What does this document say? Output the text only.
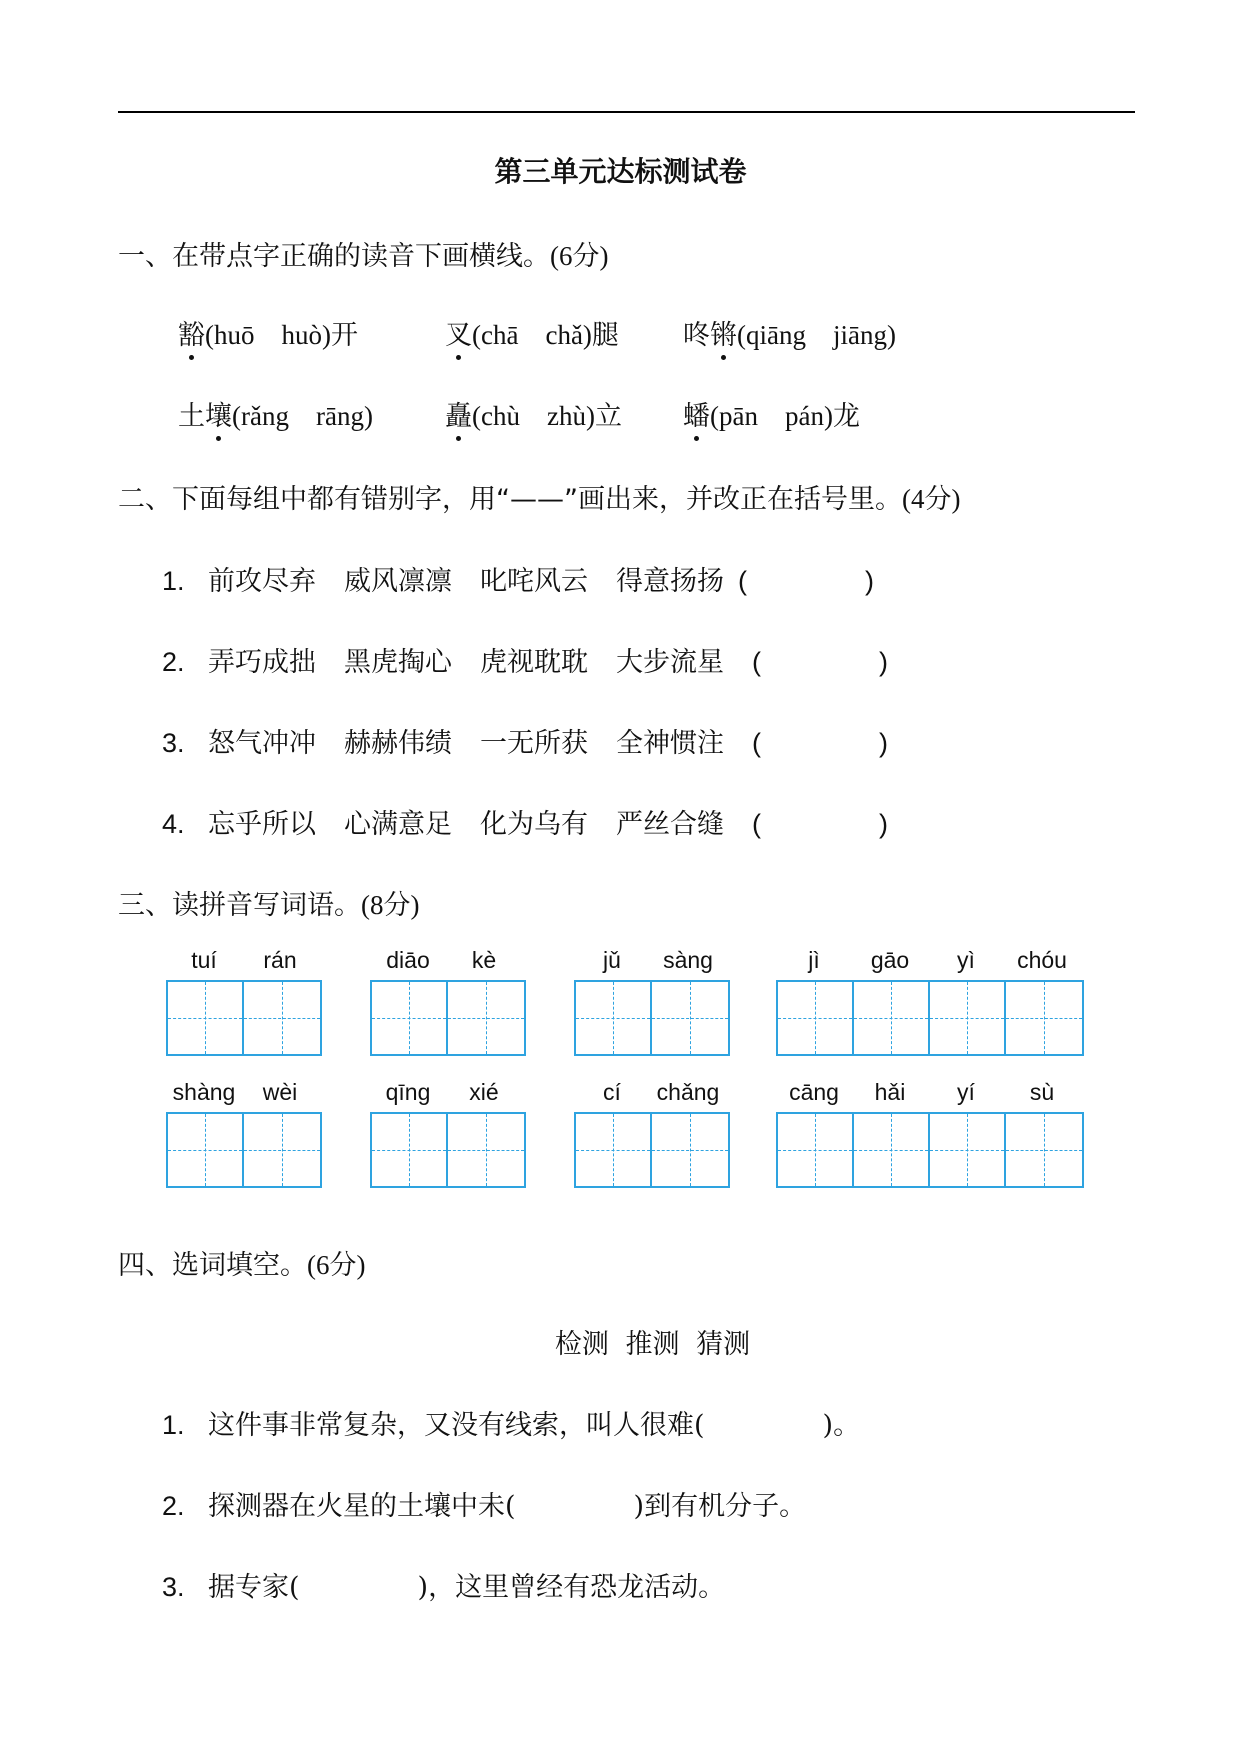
第三单元达标测试卷
一、在带点字正确的读音下画横线。(6分)
豁(huō　huò)开	叉(chā　chǎ)腿 咚锵(qiāng　jiāng)
土壤(rǎng　rāng)	矗(chù　zhù)立 蟠(pān　pán)龙
二、下面每组中都有错别字，用“——”画出来，并改正在括号里。(4分)
1. 前攻尽弃 威风凛凛 叱咤风云 得意扬扬 (	)
2. 弄巧成拙 黑虎掏心 虎视耽耽 大步流星 (	)
3. 怒气冲冲 赫赫伟绩 一无所获 全神惯注 (	)
4. 忘乎所以 心满意足 化为乌有 严丝合缝 (	)
三、读拼音写词语。(8分)
tuí	rán	diāo	kè	jǔ	sàng	jì	gāo	yì	chóu
shàng	wèi	qīng	xié	cí	chǎng	cāng	hǎi	yí	sù
四、选词填空。(6分)
检测 推测 猜测
1. 这件事非常复杂，又没有线索，叫人很难(	)。
2. 探测器在火星的土壤中未(	)到有机分子。
3. 据专家(	)，这里曾经有恐龙活动。
